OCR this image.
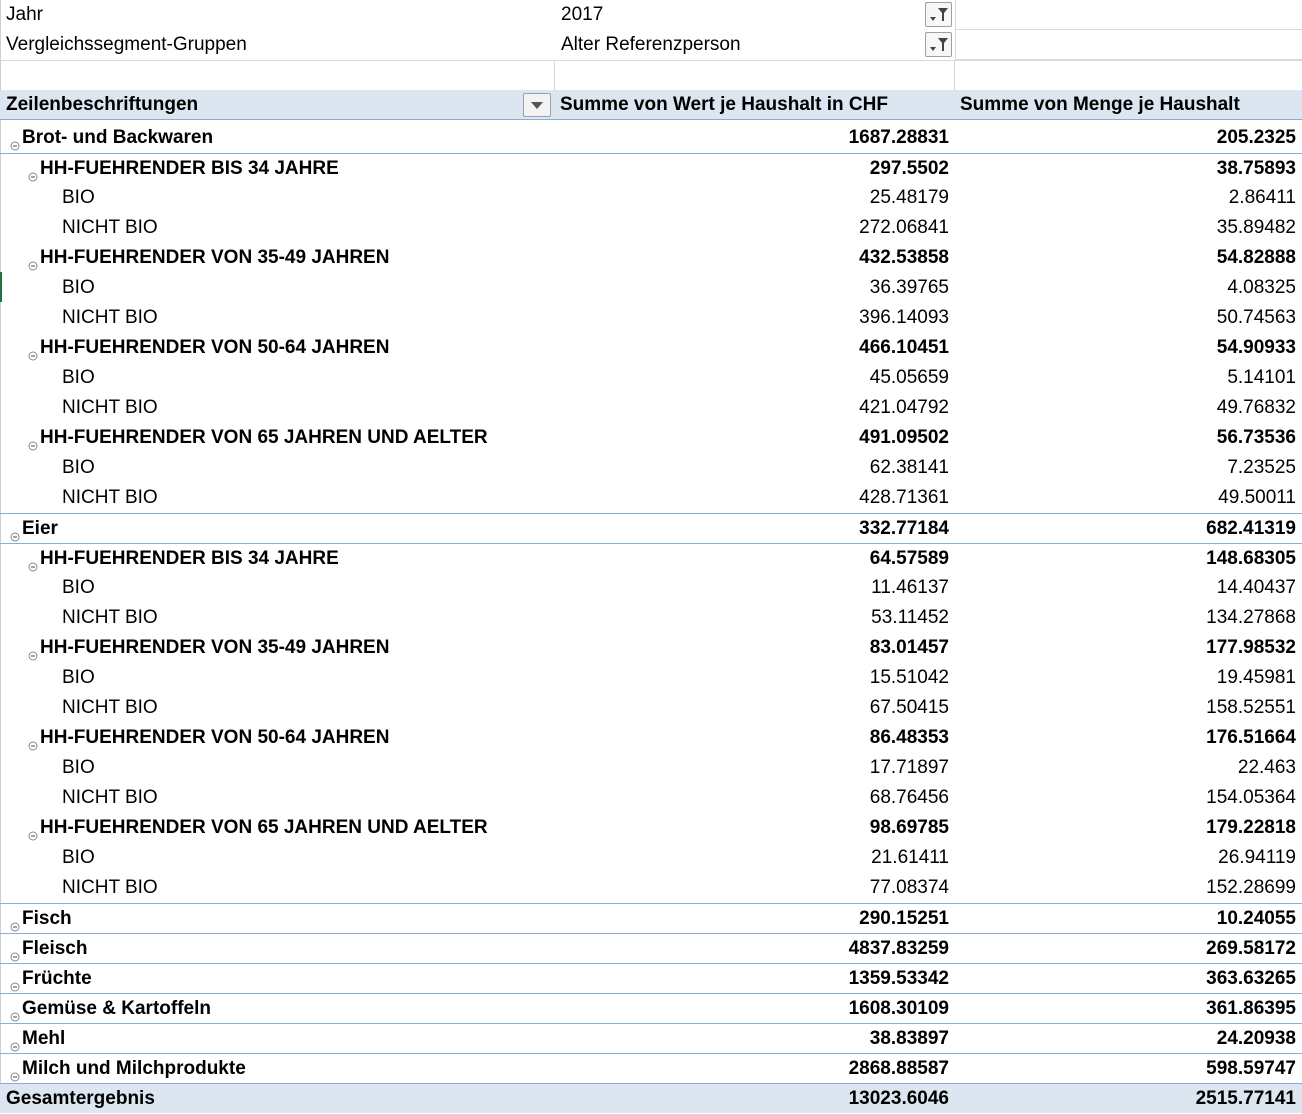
Jahr	2017
Vergleichssegment-Gruppen	Alter Referenzperson
Zeilenbeschriftungen	Summe von Wert je Haushalt in CHF	Summe von Menge je Haushalt
Brot- und Backwaren	1687.28831	205.2325
HH-FUEHRENDER BIS 34 JAHRE	297.5502	38.75893
BIO	25.48179	2.86411
NICHT BIO	272.06841	35.89482
HH-FUEHRENDER VON 35-49 JAHREN	432.53858	54.82888
BIO	36.39765	4.08325
NICHT BIO	396.14093	50.74563
HH-FUEHRENDER VON 50-64 JAHREN	466.10451	54.90933
BIO	45.05659	5.14101
NICHT BIO	421.04792	49.76832
HH-FUEHRENDER VON 65 JAHREN UND AELTER	491.09502	56.73536
BIO	62.38141	7.23525
NICHT BIO	428.71361	49.50011
Eier	332.77184	682.41319
HH-FUEHRENDER BIS 34 JAHRE	64.57589	148.68305
BIO	11.46137	14.40437
NICHT BIO	53.11452	134.27868
HH-FUEHRENDER VON 35-49 JAHREN	83.01457	177.98532
BIO	15.51042	19.45981
NICHT BIO	67.50415	158.52551
HH-FUEHRENDER VON 50-64 JAHREN	86.48353	176.51664
BIO	17.71897	22.463
NICHT BIO	68.76456	154.05364
HH-FUEHRENDER VON 65 JAHREN UND AELTER	98.69785	179.22818
BIO	21.61411	26.94119
NICHT BIO	77.08374	152.28699
Fisch	290.15251	10.24055
Fleisch	4837.83259	269.58172
Früchte	1359.53342	363.63265
Gemüse & Kartoffeln	1608.30109	361.86395
Mehl	38.83897	24.20938
Milch und Milchprodukte	2868.88587	598.59747
Gesamtergebnis	13023.6046	2515.77141
